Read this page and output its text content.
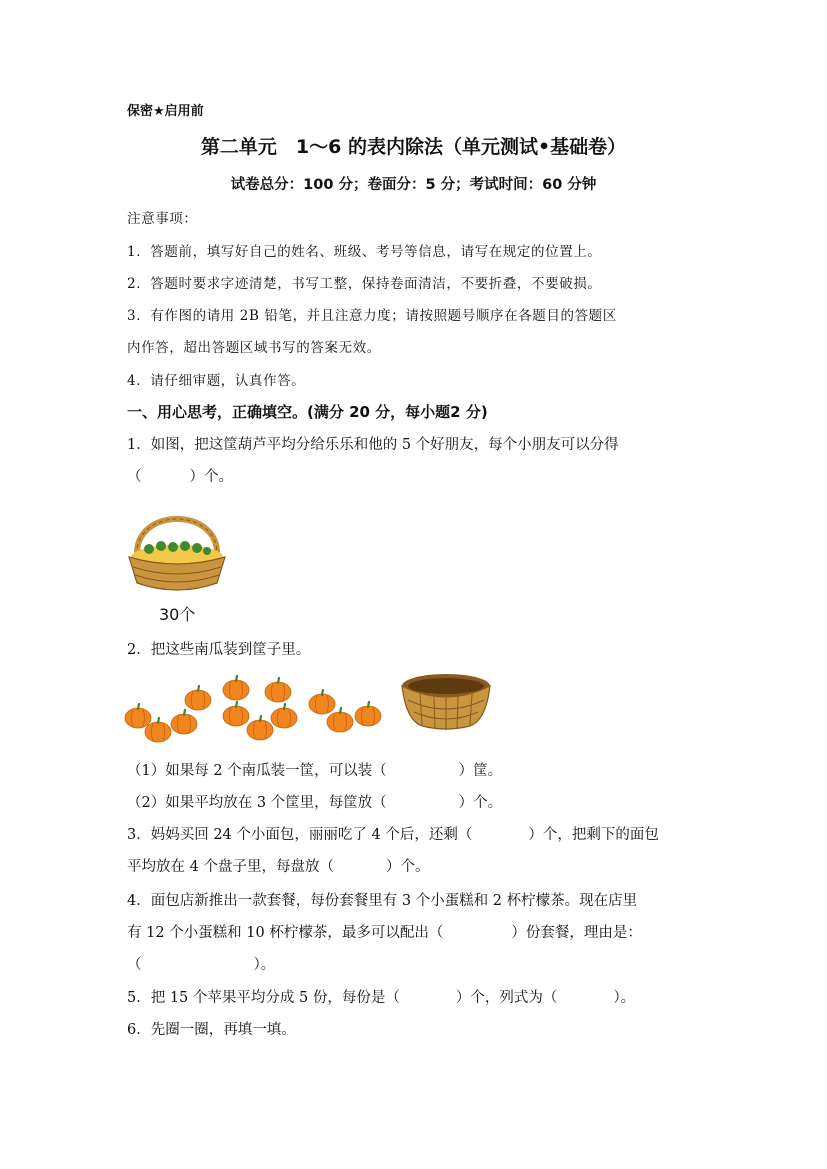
保密★启用前
第二单元　1～6 的表内除法（单元测试•基础卷）
试卷总分：100 分；卷面分：5 分；考试时间：60 分钟
注意事项：
1．答题前，填写好自己的姓名、班级、考号等信息，请写在规定的位置上。
2．答题时要求字迹清楚，书写工整，保持卷面清洁，不要折叠，不要破损。
3．有作图的请用 2B 铅笔，并且注意力度；请按照题号顺序在各题目的答题区
内作答，超出答题区域书写的答案无效。
4．请仔细审题，认真作答。
一、用心思考，正确填空。(满分 20 分，每小题2 分)
1．如图，把这筐葫芦平均分给乐乐和他的 5 个好朋友，每个小朋友可以分得
（	）个。
30个
2．把这些南瓜装到筐子里。
（1）如果每 2 个南瓜装一筐，可以装（	）筐。
（2）如果平均放在 3 个筐里，每筐放（	）个。
3．妈妈买回 24 个小面包，丽丽吃了 4 个后，还剩（	）个，把剩下的面包
平均放在 4 个盘子里，每盘放（	）个。
4．面包店新推出一款套餐，每份套餐里有 3 个小蛋糕和 2 杯柠檬茶。现在店里
有 12 个小蛋糕和 10 杯柠檬茶，最多可以配出（	）份套餐，理由是：
（	）。
5．把 15 个苹果平均分成 5 份，每份是（	）个，列式为（	）。
6．先圈一圈，再填一填。
